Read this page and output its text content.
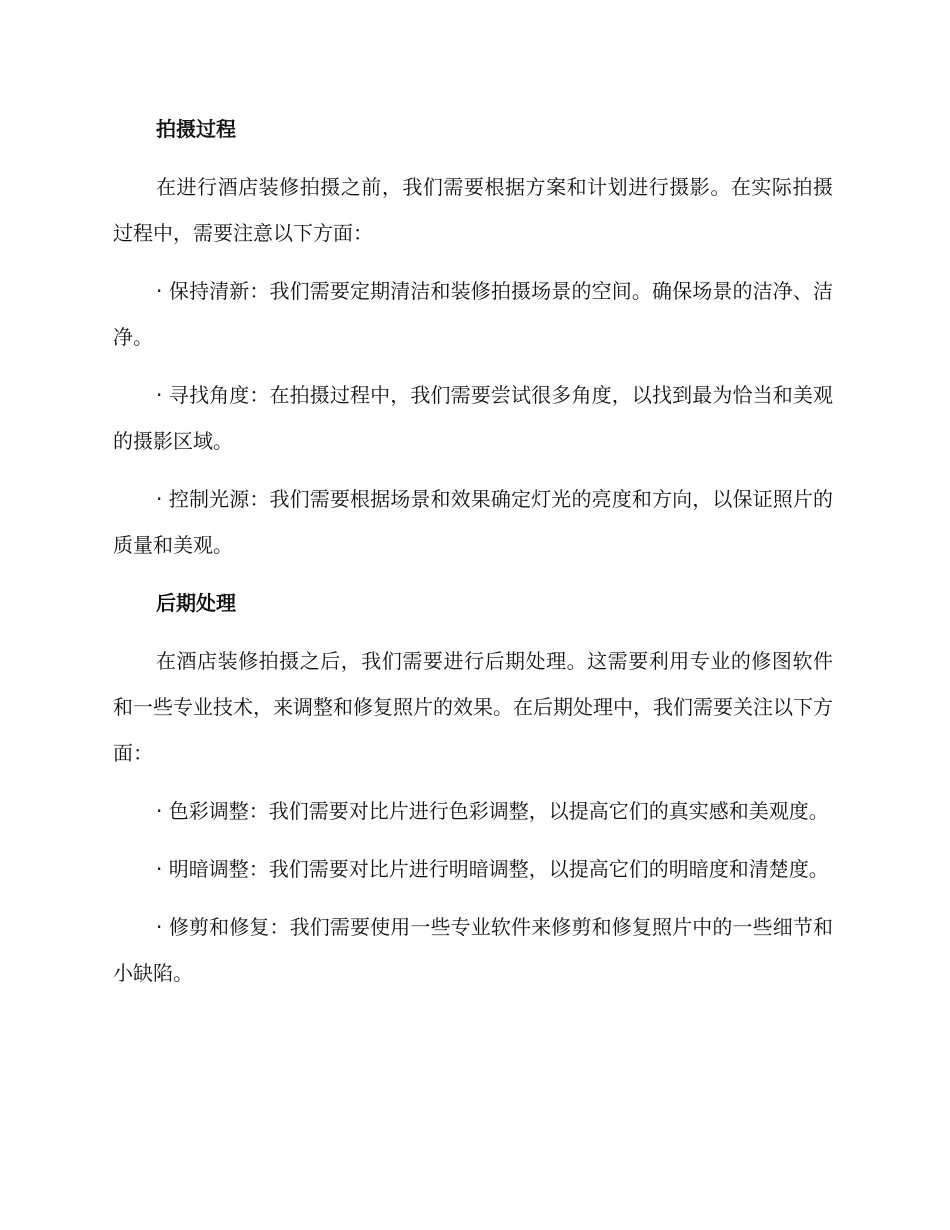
拍摄过程

在进行酒店装修拍摄之前，我们需要根据方案和计划进行摄影。在实际拍摄过程中，需要注意以下方面：

· 保持清新：我们需要定期清洁和装修拍摄场景的空间。确保场景的洁净、洁净。

· 寻找角度：在拍摄过程中，我们需要尝试很多角度，以找到最为恰当和美观的摄影区域。

· 控制光源：我们需要根据场景和效果确定灯光的亮度和方向，以保证照片的质量和美观。

后期处理

在酒店装修拍摄之后，我们需要进行后期处理。这需要利用专业的修图软件和一些专业技术，来调整和修复照片的效果。在后期处理中，我们需要关注以下方面：

· 色彩调整：我们需要对比片进行色彩调整，以提高它们的真实感和美观度。

· 明暗调整：我们需要对比片进行明暗调整，以提高它们的明暗度和清楚度。

· 修剪和修复：我们需要使用一些专业软件来修剪和修复照片中的一些细节和小缺陷。
